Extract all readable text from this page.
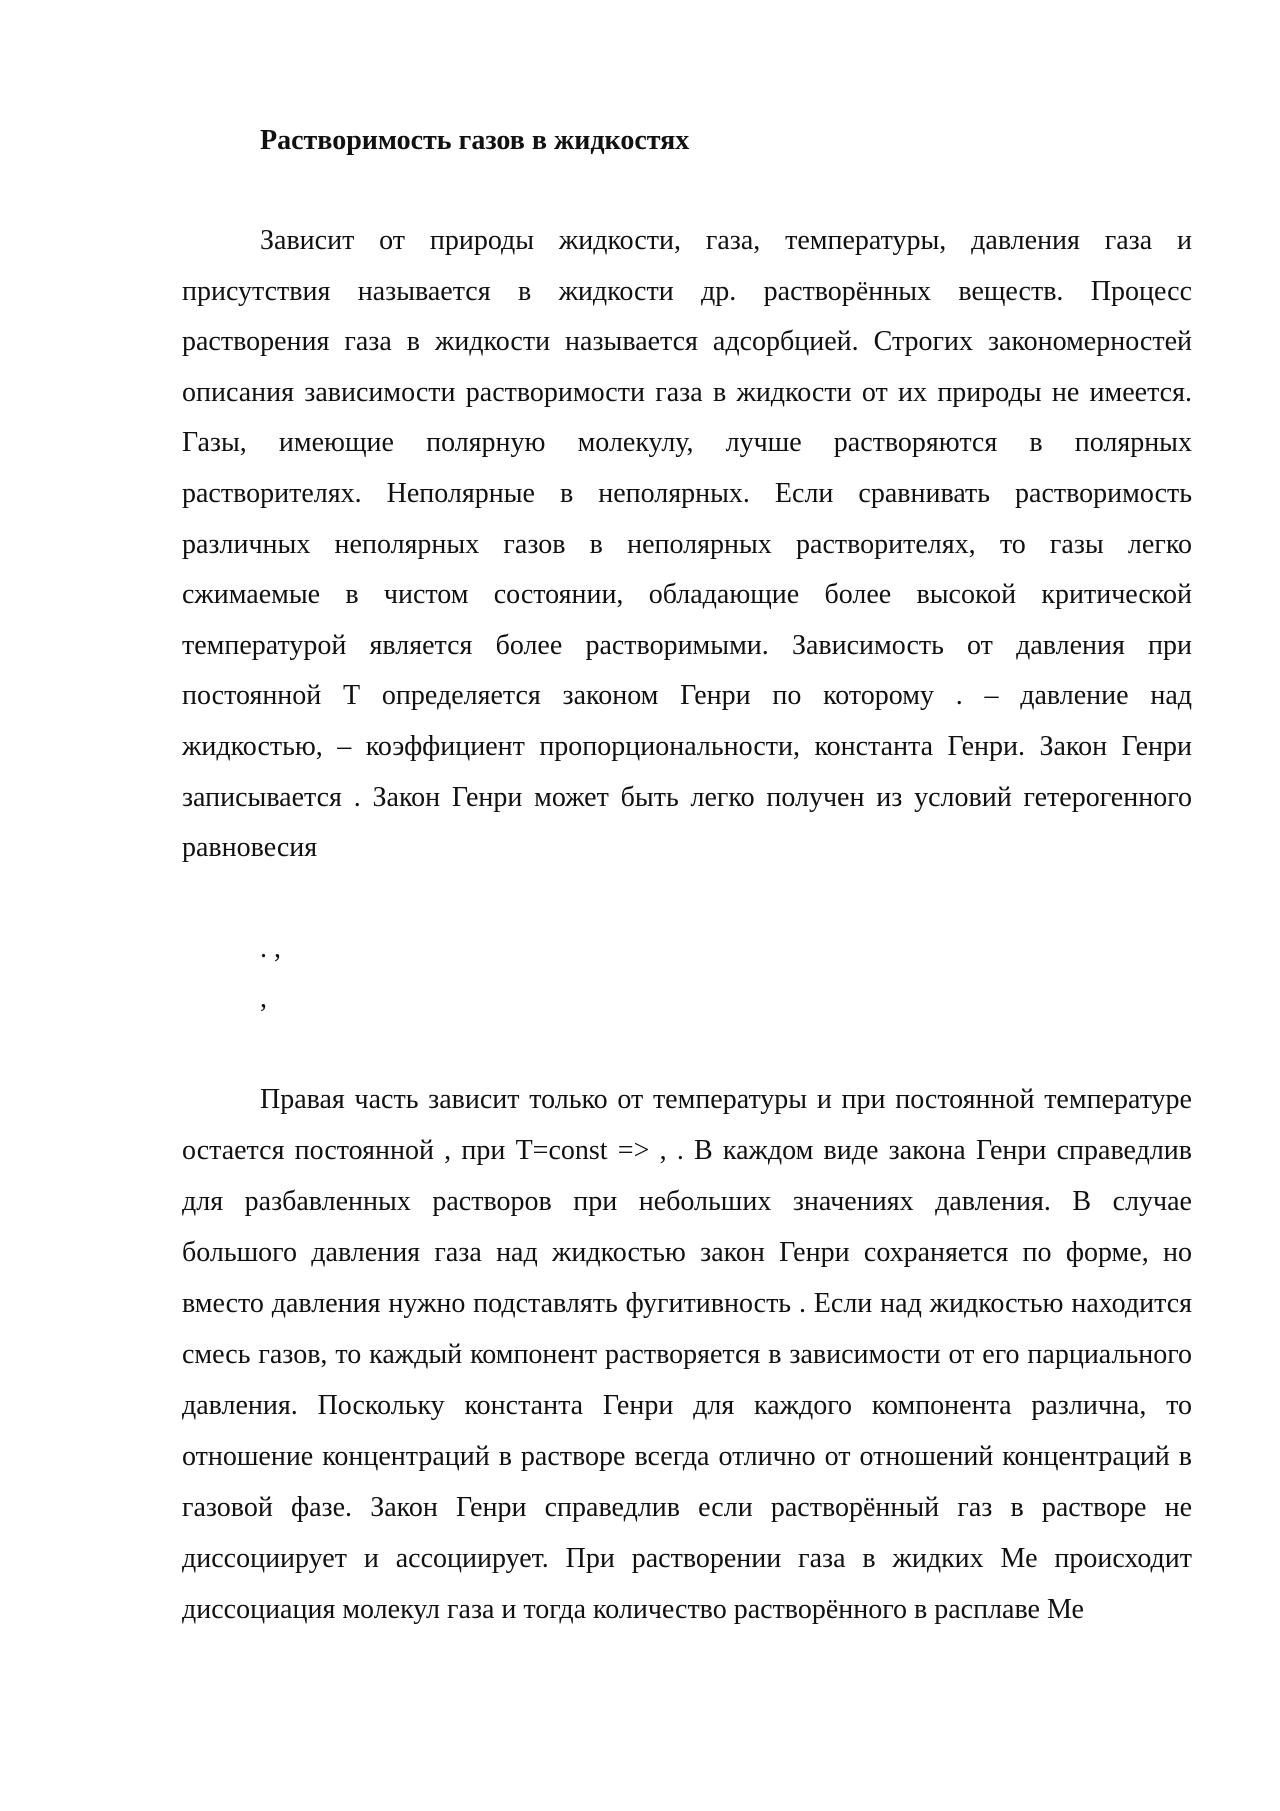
Растворимость газов в жидкостях

Зависит от природы жидкости, газа, температуры, давления газа и присутствия называется в жидкости др. растворённых веществ. Процесс растворения газа в жидкости называется адсорбцией. Строгих закономерностей описания зависимости растворимости газа в жидкости от их природы не имеется. Газы, имеющие полярную молекулу, лучше растворяются в полярных растворителях. Неполярные в неполярных. Если сравнивать растворимость различных неполярных газов в неполярных растворителях, то газы легко сжимаемые в чистом состоянии, обладающие более высокой критической температурой является более растворимыми. Зависимость от давления при постоянной Т определяется законом Генри по которому . – давление над жидкостью, – коэффициент пропорциональности, константа Генри. Закон Генри записывается . Закон Генри может быть легко получен из условий гетерогенного равновесия

. ,
,

Правая часть зависит только от температуры и при постоянной температуре остается постоянной , при T=const => , . В каждом виде закона Генри справедлив для разбавленных растворов при небольших значениях давления. В случае большого давления газа над жидкостью закон Генри сохраняется по форме, но вместо давления нужно подставлять фугитивность . Если над жидкостью находится смесь газов, то каждый компонент растворяется в зависимости от его парциального давления. Поскольку константа Генри для каждого компонента различна, то отношение концентраций в растворе всегда отлично от отношений концентраций в газовой фазе. Закон Генри справедлив если растворённый газ в растворе не диссоциирует и ассоциирует. При растворении газа в жидких Ме происходит диссоциация молекул газа и тогда количество растворённого в расплаве Ме
